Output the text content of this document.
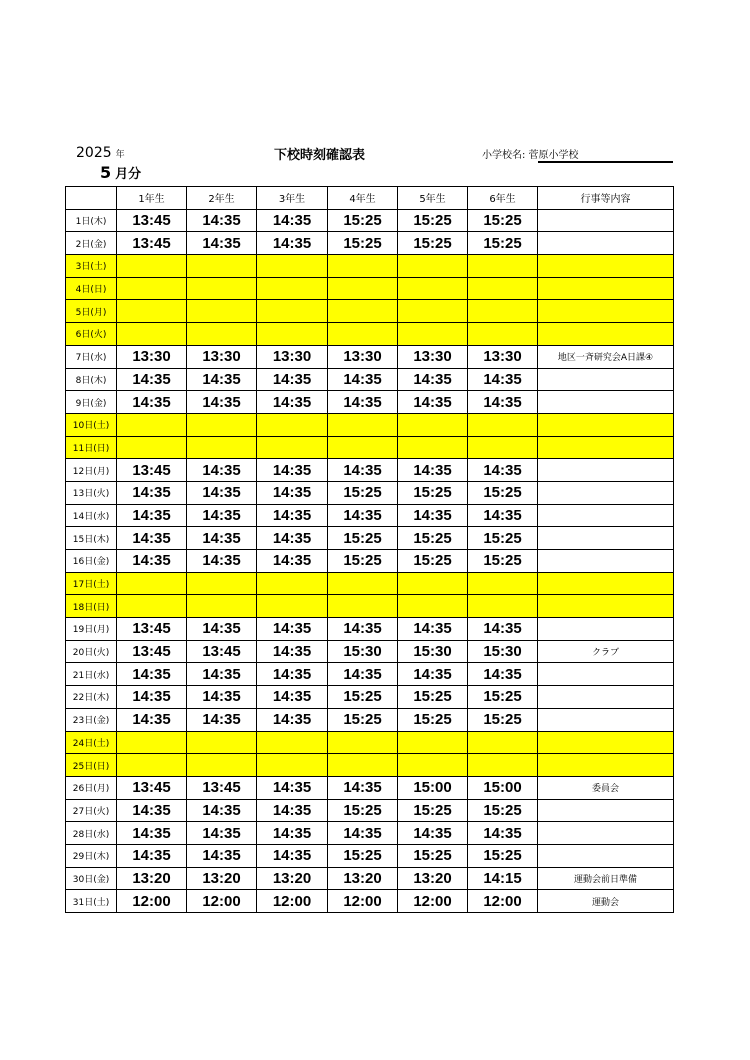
2025 年	下校時刻確認表	小学校名: 菅原小学校
5 月分
	1年生	2年生	3年生	4年生	5年生	6年生	行事等内容
1日(木)	13:45	14:35	14:35	15:25	15:25	15:25	
2日(金)	13:45	14:35	14:35	15:25	15:25	15:25	
3日(土)							
4日(日)							
5日(月)							
6日(火)							
7日(水)	13:30	13:30	13:30	13:30	13:30	13:30	地区一斉研究会A日課④
8日(木)	14:35	14:35	14:35	14:35	14:35	14:35	
9日(金)	14:35	14:35	14:35	14:35	14:35	14:35	
10日(土)							
11日(日)							
12日(月)	13:45	14:35	14:35	14:35	14:35	14:35	
13日(火)	14:35	14:35	14:35	15:25	15:25	15:25	
14日(水)	14:35	14:35	14:35	14:35	14:35	14:35	
15日(木)	14:35	14:35	14:35	15:25	15:25	15:25	
16日(金)	14:35	14:35	14:35	15:25	15:25	15:25	
17日(土)							
18日(日)							
19日(月)	13:45	14:35	14:35	14:35	14:35	14:35	
20日(火)	13:45	13:45	14:35	15:30	15:30	15:30	クラブ
21日(水)	14:35	14:35	14:35	14:35	14:35	14:35	
22日(木)	14:35	14:35	14:35	15:25	15:25	15:25	
23日(金)	14:35	14:35	14:35	15:25	15:25	15:25	
24日(土)							
25日(日)							
26日(月)	13:45	13:45	14:35	14:35	15:00	15:00	委員会
27日(火)	14:35	14:35	14:35	15:25	15:25	15:25	
28日(水)	14:35	14:35	14:35	14:35	14:35	14:35	
29日(木)	14:35	14:35	14:35	15:25	15:25	15:25	
30日(金)	13:20	13:20	13:20	13:20	13:20	14:15	運動会前日準備
31日(土)	12:00	12:00	12:00	12:00	12:00	12:00	運動会
